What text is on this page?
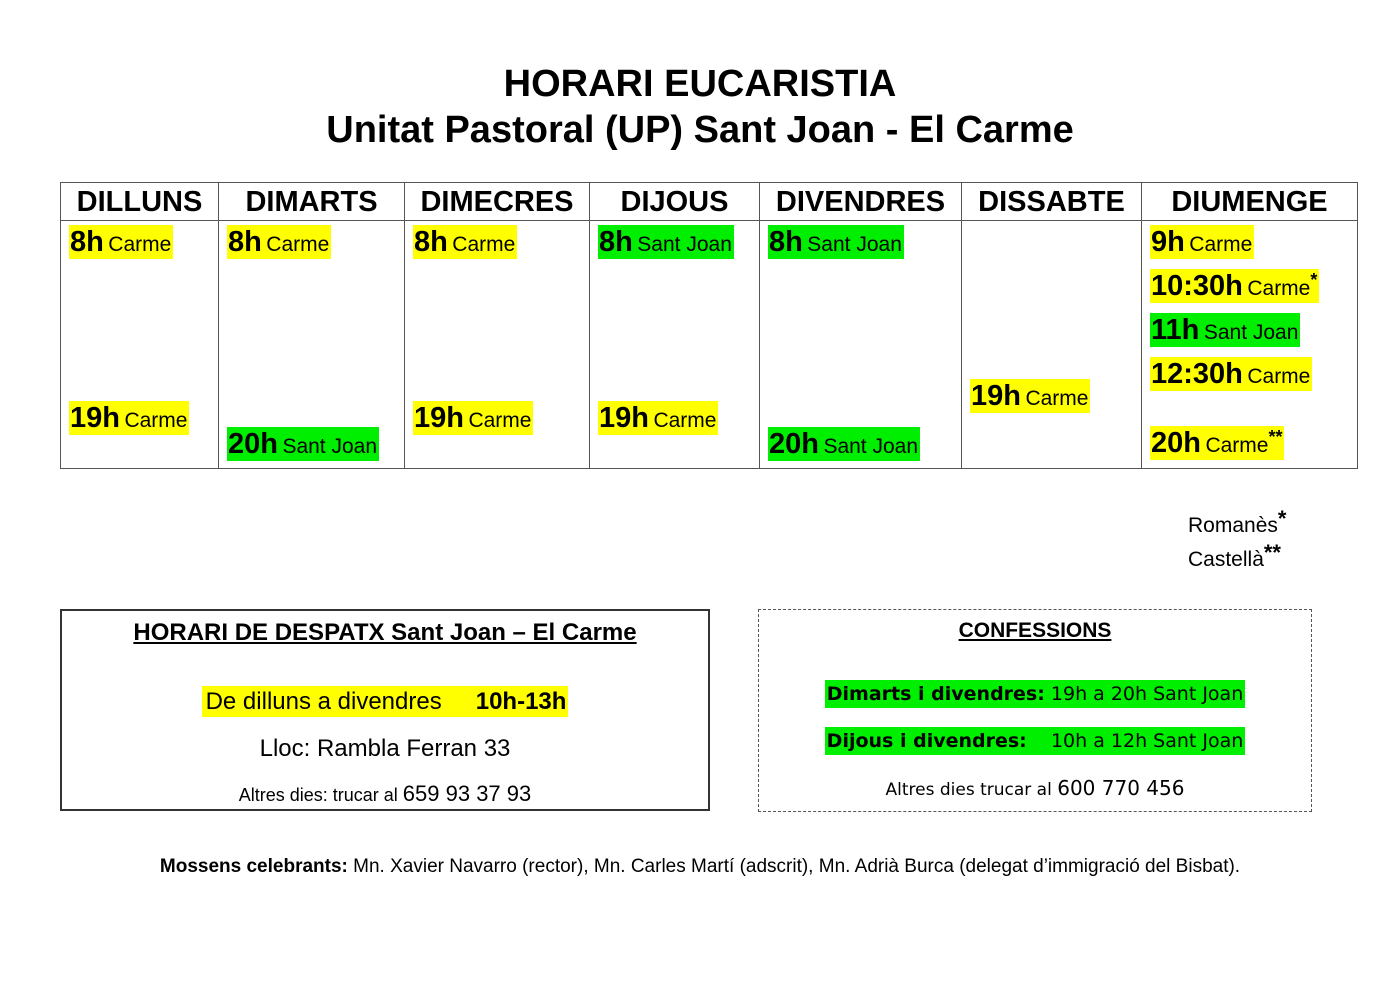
HORARI EUCARISTIA
Unitat Pastoral (UP) Sant Joan - El Carme
DILLUNS
8h Carme
19h Carme
DIMARTS
8h Carme
20h Sant Joan
DIMECRES
8h Carme
19h Carme
DIJOUS
8h Sant Joan
19h Carme
DIVENDRES
8h Sant Joan
20h Sant Joan
DISSABTE
19h Carme
DIUMENGE
9h Carme
10:30h Carme*
11h Sant Joan
12:30h Carme
20h Carme**
Romanès*
Castellà**
HORARI DE DESPATX Sant Joan – El Carme
De dilluns a divendres 10h-13h
Lloc: Rambla Ferran 33
Altres dies: trucar al 659 93 37 93
CONFESSIONS
Dimarts i divendres: 19h a 20h Sant Joan
Dijous i divendres: 10h a 12h Sant Joan
Altres dies trucar al 600 770 456
Mossens celebrants: Mn. Xavier Navarro (rector), Mn. Carles Martí (adscrit), Mn. Adrià Burca (delegat d’immigració del Bisbat).
